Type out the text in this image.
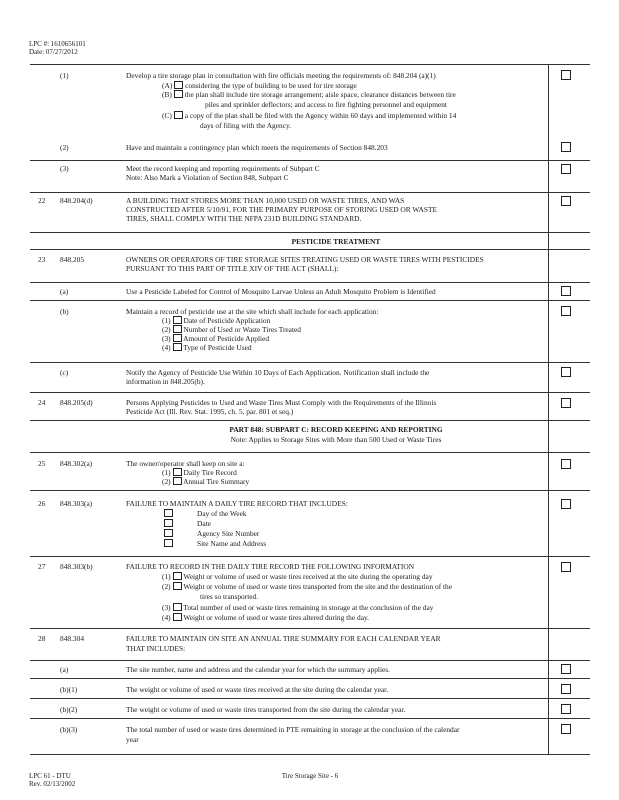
LPC #: 1610656101
Date: 07/27/2012
(1)	Develop a tire storage plan in consultation with fire officials meeting the requirements of: 848.204 (a)(1)
(A) considering the type of building to be used for tire storage
(B) the plan shall include tire storage arrangement; aisle space, clearance distances between tire
piles and sprinkler deflectors; and access to fire fighting personnel and equipment
(C) a copy of the plan shall be filed with the Agency within 60 days and implemented within 14
days of filing with the Agency.
(2)	Have and maintain a contingency plan which meets the requirements of Section 848.203
(3)	Meet the record keeping and reporting requirements of Subpart C
Note: Also Mark a Violation of Section 848, Subpart C
22 848.204(d)	A BUILDING THAT STORES MORE THAN 10,000 USED OR WASTE TIRES, AND WAS
CONSTRUCTED AFTER 5/10/91, FOR THE PRIMARY PURPOSE OF STORING USED OR WASTE
TIRES, SHALL COMPLY WITH THE NFPA 231D BUILDING STANDARD.
PESTICIDE TREATMENT
23 848.205	OWNERS OR OPERATORS OF TIRE STORAGE SITES TREATING USED OR WASTE TIRES WITH PESTICIDES
PURSUANT TO THIS PART OF TITLE XIV OF THE ACT (SHALL):
(a)	Use a Pesticide Labeled for Control of Mosquito Larvae Unless an Adult Mosquito Problem is Identified
(b)	Maintain a record of pesticide use at the site which shall include for each application:
(1) Date of Pesticide Application
(2) Number of Used or Waste Tires Treated
(3) Amount of Pesticide Applied
(4) Type of Pesticide Used
(c)	Notify the Agency of Pesticide Use Within 10 Days of Each Application. Notification shall include the
information in 848.205(b).
24 848.205(d)	Persons Applying Pesticides to Used and Waste Tires Must Comply with the Requirements of the Illinois
Pesticide Act (Ill. Rev. Stat. 1995, ch. 5, par. 801 et seq.)
PART 848: SUBPART C: RECORD KEEPING AND REPORTING
Note: Applies to Storage Sites with More than 500 Used or Waste Tires
25 848.302(a)	The owner/operator shall keep on site a:
(1) Daily Tire Record
(2) Annual Tire Summary
26 848.303(a)	FAILURE TO MAINTAIN A DAILY TIRE RECORD THAT INCLUDES:
Day of the Week
Date
Agency Site Number
Site Name and Address
27 848.303(b)	FAILURE TO RECORD IN THE DAILY TIRE RECORD THE FOLLOWING INFORMATION
(1) Weight or volume of used or waste tires received at the site during the operating day
(2) Weight or volume of used or waste tires transported from the site and the destination of the
tires so transported.
(3) Total number of used or waste tires remaining in storage at the conclusion of the day
(4) Weight or volume of used or waste tires altered during the day.
28 848.304	FAILURE TO MAINTAIN ON SITE AN ANNUAL TIRE SUMMARY FOR EACH CALENDAR YEAR
THAT INCLUDES:
(a)	The site number, name and address and the calendar year for which the summary applies.
(b)(1)	The weight or volume of used or waste tires received at the site during the calendar year.
(b)(2)	The weight or volume of used or waste tires transported from the site during the calendar year.
(b)(3)	The total number of used or waste tires determined in PTE remaining in storage at the conclusion of the calendar
year
LPC 61 - DTU
Rev. 02/13/2002
Tire Storage Site - 6
